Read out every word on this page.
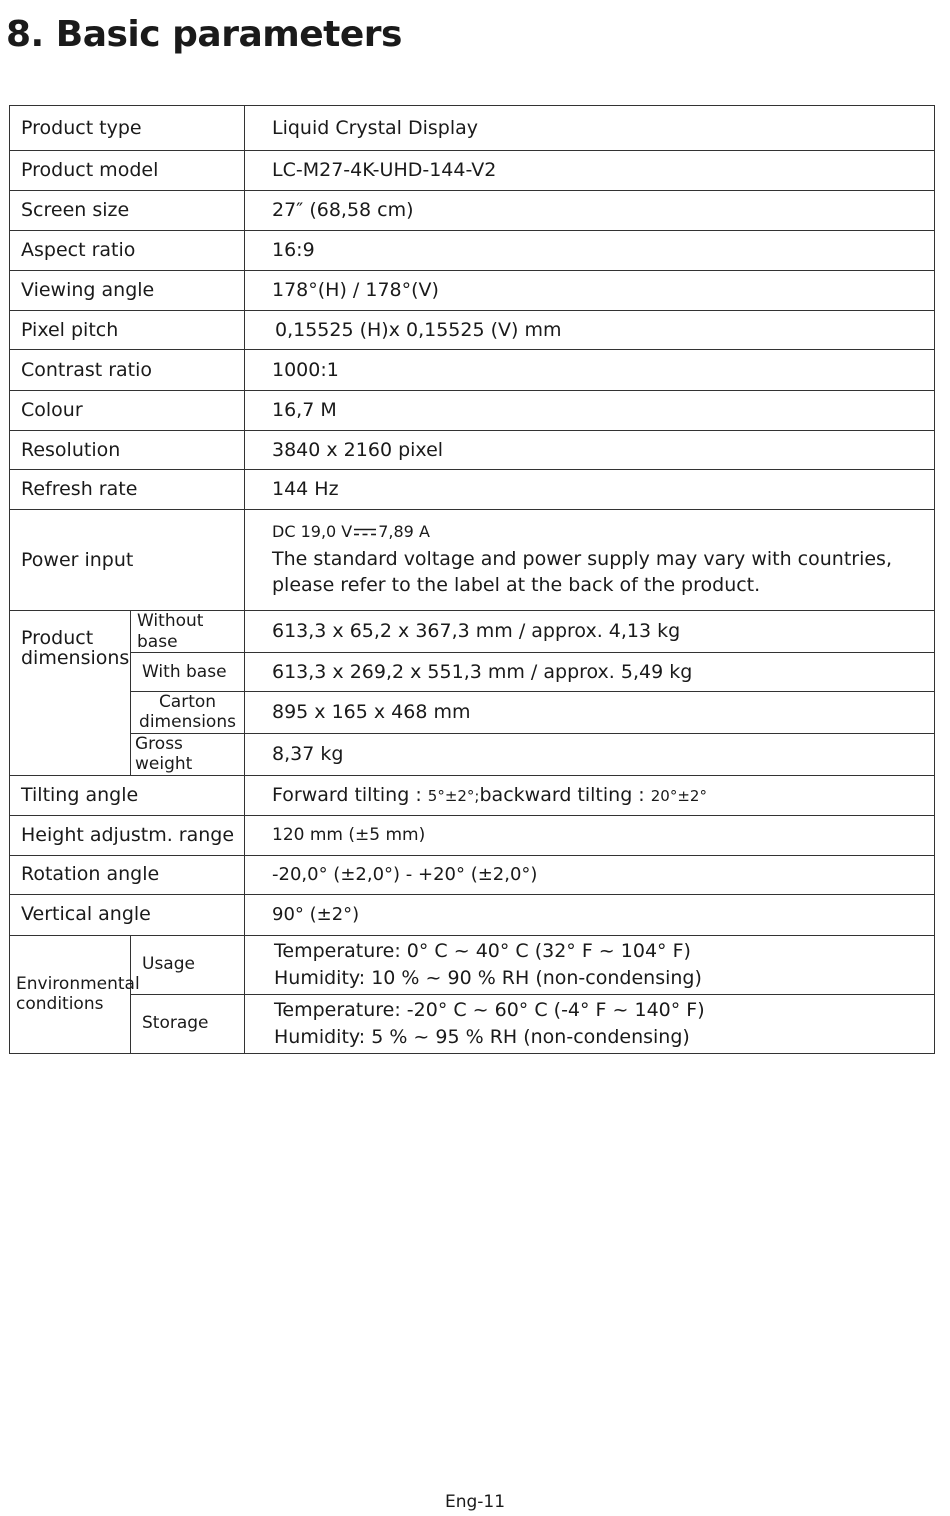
8. Basic parameters
Product type		Liquid Crystal Display
Product model		LC-M27-4K-UHD-144-V2
Screen size		27″ (68,58 cm)
Aspect ratio		16:9
Viewing angle		178°(H) / 178°(V)
Pixel pitch		0,15525 (H)x 0,15525 (V) mm
Contrast ratio		1000:1
Colour		16,7 M
Resolution		3840 x 2160 pixel
Refresh rate		144 Hz
Power input		DC 19,0 V 7,89 A
The standard voltage and power supply may vary with countries, please refer to the label at the back of the product.

Product dimensions	Without base	613,3 x 65,2 x 367,3 mm / approx. 4,13 kg
	With base	613,3 x 269,2 x 551,3 mm / approx. 5,49 kg
	Carton dimensions	895 x 165 x 468 mm
	Gross weight	8,37 kg
Tilting angle		Forward tilting : 5°±2°;backward tilting : 20°±2°
Height adjustm. range		120 mm (±5 mm)
Rotation angle		-20,0° (±2,0°) - +20° (±2,0°)
Vertical angle		90° (±2°)
Environmental conditions	Usage	Temperature: 0° C ~ 40° C (32° F ~ 104° F)
Humidity: 10 % ~ 90 % RH (non-condensing)

	Storage	Temperature: -20° C ~ 60° C (-4° F ~ 140° F)
Humidity: 5 % ~ 95 % RH (non-condensing)
Eng-11
